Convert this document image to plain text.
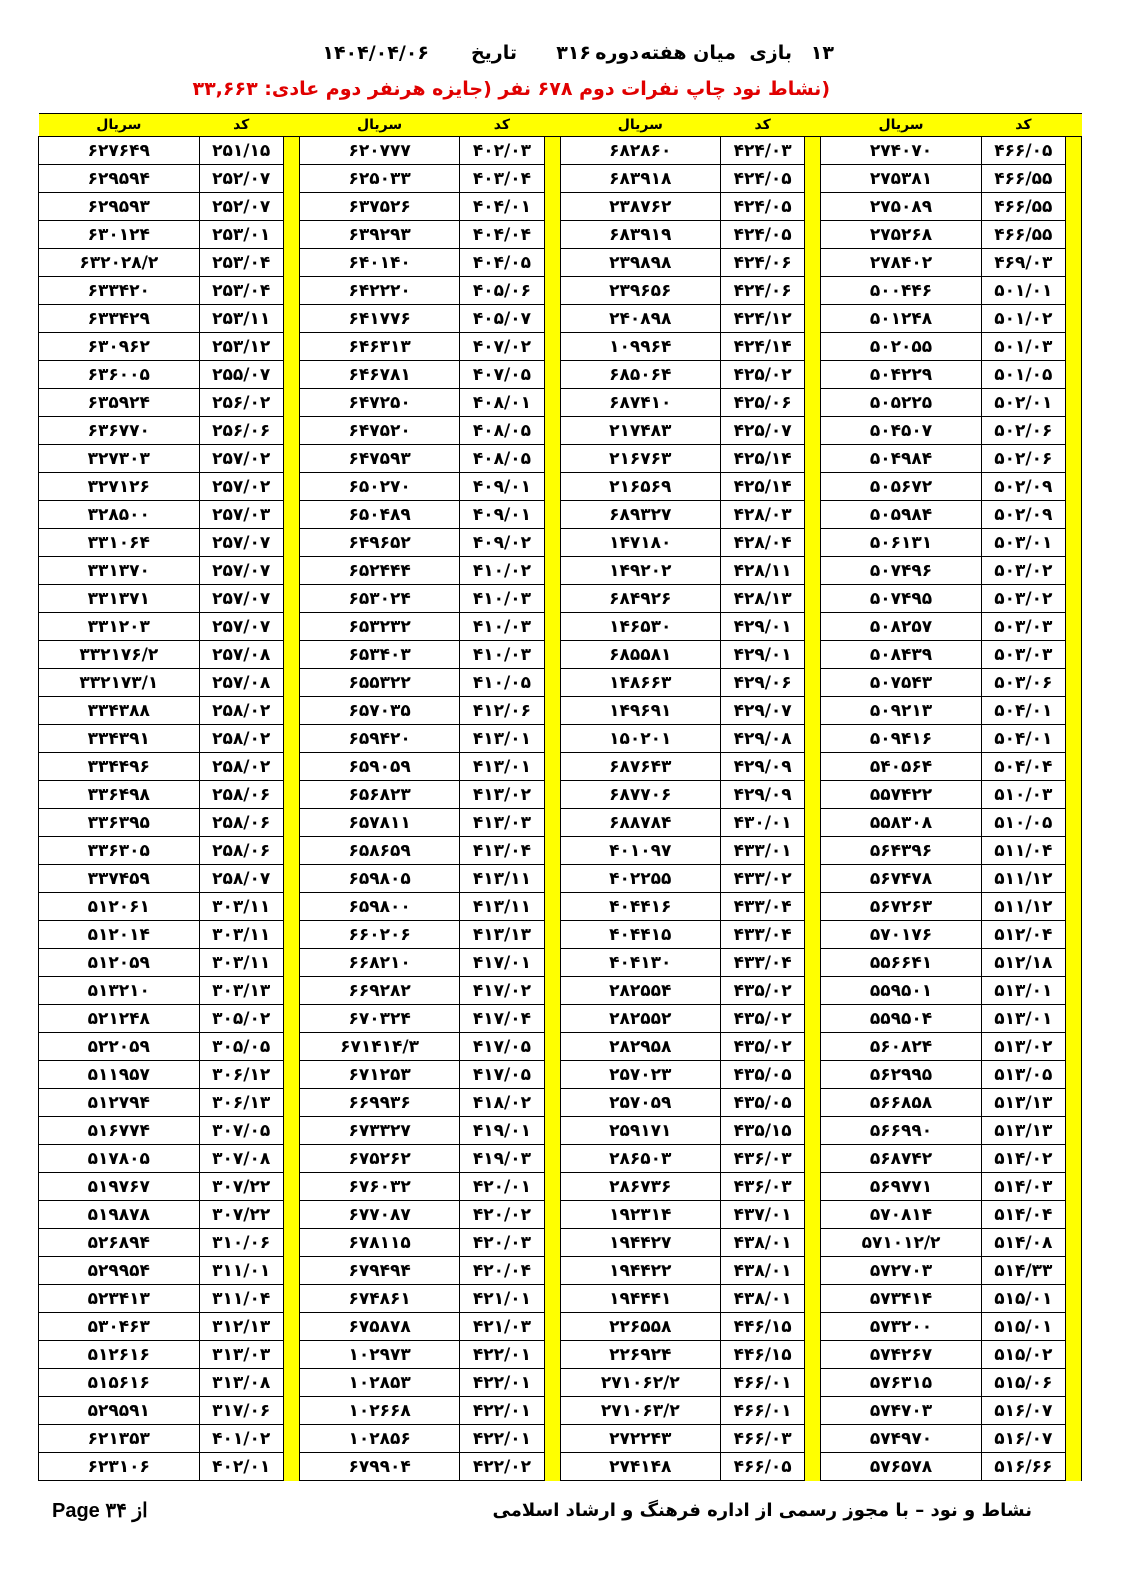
۱۳
بازی
میان هفته
دوره
۳۱۶
تاریخ
۱۴۰۴/۰۴/۰۶
(نشاط نود چاپ نفرات دوم ۶۷۸ نفر (جایزه هرنفر دوم عادی: ۳۳,۶۶۳
	کد	سریال		کد	سریال		کد	سریال		کد	سریال
	۴۶۶/۰۵	۲۷۴۰۷۰		۴۲۴/۰۳	۶۸۲۸۶۰		۴۰۲/۰۳	۶۲۰۷۷۷		۲۵۱/۱۵	۶۲۷۶۴۹
	۴۶۶/۵۵	۲۷۵۳۸۱		۴۲۴/۰۵	۶۸۳۹۱۸		۴۰۳/۰۴	۶۲۵۰۳۳		۲۵۲/۰۷	۶۲۹۵۹۴
	۴۶۶/۵۵	۲۷۵۰۸۹		۴۲۴/۰۵	۲۳۸۷۶۲		۴۰۴/۰۱	۶۳۷۵۲۶		۲۵۲/۰۷	۶۲۹۵۹۳
	۴۶۶/۵۵	۲۷۵۲۶۸		۴۲۴/۰۵	۶۸۳۹۱۹		۴۰۴/۰۴	۶۳۹۲۹۳		۲۵۳/۰۱	۶۳۰۱۲۴
	۴۶۹/۰۳	۲۷۸۴۰۲		۴۲۴/۰۶	۲۳۹۸۹۸		۴۰۴/۰۵	۶۴۰۱۴۰		۲۵۳/۰۴	۶۳۲۰۲۸/۲
	۵۰۱/۰۱	۵۰۰۴۴۶		۴۲۴/۰۶	۲۳۹۶۵۶		۴۰۵/۰۶	۶۴۲۲۲۰		۲۵۳/۰۴	۶۳۳۴۲۰
	۵۰۱/۰۲	۵۰۱۲۴۸		۴۲۴/۱۲	۲۴۰۸۹۸		۴۰۵/۰۷	۶۴۱۷۷۶		۲۵۳/۱۱	۶۳۳۴۲۹
	۵۰۱/۰۳	۵۰۲۰۵۵		۴۲۴/۱۴	۱۰۹۹۶۴		۴۰۷/۰۲	۶۴۶۳۱۳		۲۵۳/۱۲	۶۳۰۹۶۲
	۵۰۱/۰۵	۵۰۴۲۲۹		۴۲۵/۰۲	۶۸۵۰۶۴		۴۰۷/۰۵	۶۴۶۷۸۱		۲۵۵/۰۷	۶۳۶۰۰۵
	۵۰۲/۰۱	۵۰۵۲۲۵		۴۲۵/۰۶	۶۸۷۴۱۰		۴۰۸/۰۱	۶۴۷۲۵۰		۲۵۶/۰۲	۶۳۵۹۲۴
	۵۰۲/۰۶	۵۰۴۵۰۷		۴۲۵/۰۷	۲۱۷۴۸۳		۴۰۸/۰۵	۶۴۷۵۲۰		۲۵۶/۰۶	۶۳۶۷۷۰
	۵۰۲/۰۶	۵۰۴۹۸۴		۴۲۵/۱۴	۲۱۶۷۶۳		۴۰۸/۰۵	۶۴۷۵۹۳		۲۵۷/۰۲	۳۲۷۳۰۳
	۵۰۲/۰۹	۵۰۵۶۷۲		۴۲۵/۱۴	۲۱۶۵۶۹		۴۰۹/۰۱	۶۵۰۲۷۰		۲۵۷/۰۲	۳۲۷۱۲۶
	۵۰۲/۰۹	۵۰۵۹۸۴		۴۲۸/۰۳	۶۸۹۳۲۷		۴۰۹/۰۱	۶۵۰۴۸۹		۲۵۷/۰۳	۳۲۸۵۰۰
	۵۰۳/۰۱	۵۰۶۱۳۱		۴۲۸/۰۴	۱۴۷۱۸۰		۴۰۹/۰۲	۶۴۹۶۵۲		۲۵۷/۰۷	۳۳۱۰۶۴
	۵۰۳/۰۲	۵۰۷۴۹۶		۴۲۸/۱۱	۱۴۹۲۰۲		۴۱۰/۰۲	۶۵۲۴۴۴		۲۵۷/۰۷	۳۳۱۳۷۰
	۵۰۳/۰۲	۵۰۷۴۹۵		۴۲۸/۱۳	۶۸۴۹۲۶		۴۱۰/۰۳	۶۵۳۰۲۴		۲۵۷/۰۷	۳۳۱۳۷۱
	۵۰۳/۰۳	۵۰۸۲۵۷		۴۲۹/۰۱	۱۴۶۵۳۰		۴۱۰/۰۳	۶۵۳۲۳۲		۲۵۷/۰۷	۳۳۱۲۰۳
	۵۰۳/۰۳	۵۰۸۴۳۹		۴۲۹/۰۱	۶۸۵۵۸۱		۴۱۰/۰۳	۶۵۳۴۰۳		۲۵۷/۰۸	۳۳۲۱۷۶/۲
	۵۰۳/۰۶	۵۰۷۵۴۳		۴۲۹/۰۶	۱۴۸۶۶۳		۴۱۰/۰۵	۶۵۵۳۲۲		۲۵۷/۰۸	۳۳۲۱۷۳/۱
	۵۰۴/۰۱	۵۰۹۲۱۳		۴۲۹/۰۷	۱۴۹۶۹۱		۴۱۲/۰۶	۶۵۷۰۳۵		۲۵۸/۰۲	۳۳۴۳۸۸
	۵۰۴/۰۱	۵۰۹۴۱۶		۴۲۹/۰۸	۱۵۰۲۰۱		۴۱۳/۰۱	۶۵۹۴۲۰		۲۵۸/۰۲	۳۳۴۳۹۱
	۵۰۴/۰۴	۵۴۰۵۶۴		۴۲۹/۰۹	۶۸۷۶۴۳		۴۱۳/۰۱	۶۵۹۰۵۹		۲۵۸/۰۲	۳۳۴۴۹۶
	۵۱۰/۰۳	۵۵۷۴۲۲		۴۲۹/۰۹	۶۸۷۷۰۶		۴۱۳/۰۲	۶۵۶۸۲۳		۲۵۸/۰۶	۳۳۶۴۹۸
	۵۱۰/۰۵	۵۵۸۳۰۸		۴۳۰/۰۱	۶۸۸۷۸۴		۴۱۳/۰۳	۶۵۷۸۱۱		۲۵۸/۰۶	۳۳۶۳۹۵
	۵۱۱/۰۴	۵۶۴۳۹۶		۴۳۳/۰۱	۴۰۱۰۹۷		۴۱۳/۰۴	۶۵۸۶۵۹		۲۵۸/۰۶	۳۳۶۳۰۵
	۵۱۱/۱۲	۵۶۷۴۷۸		۴۳۳/۰۲	۴۰۲۲۵۵		۴۱۳/۱۱	۶۵۹۸۰۵		۲۵۸/۰۷	۳۳۷۴۵۹
	۵۱۱/۱۲	۵۶۷۲۶۳		۴۳۳/۰۴	۴۰۴۴۱۶		۴۱۳/۱۱	۶۵۹۸۰۰		۳۰۳/۱۱	۵۱۲۰۶۱
	۵۱۲/۰۴	۵۷۰۱۷۶		۴۳۳/۰۴	۴۰۴۴۱۵		۴۱۳/۱۳	۶۶۰۲۰۶		۳۰۳/۱۱	۵۱۲۰۱۴
	۵۱۲/۱۸	۵۵۶۶۴۱		۴۳۳/۰۴	۴۰۴۱۳۰		۴۱۷/۰۱	۶۶۸۲۱۰		۳۰۳/۱۱	۵۱۲۰۵۹
	۵۱۳/۰۱	۵۵۹۵۰۱		۴۳۵/۰۲	۲۸۲۵۵۴		۴۱۷/۰۲	۶۶۹۲۸۲		۳۰۳/۱۳	۵۱۳۲۱۰
	۵۱۳/۰۱	۵۵۹۵۰۴		۴۳۵/۰۲	۲۸۲۵۵۲		۴۱۷/۰۴	۶۷۰۳۲۴		۳۰۵/۰۲	۵۲۱۲۴۸
	۵۱۳/۰۲	۵۶۰۸۲۴		۴۳۵/۰۲	۲۸۲۹۵۸		۴۱۷/۰۵	۶۷۱۴۱۴/۳		۳۰۵/۰۵	۵۲۲۰۵۹
	۵۱۳/۰۵	۵۶۲۹۹۵		۴۳۵/۰۵	۲۵۷۰۲۳		۴۱۷/۰۵	۶۷۱۲۵۳		۳۰۶/۱۲	۵۱۱۹۵۷
	۵۱۳/۱۳	۵۶۶۸۵۸		۴۳۵/۰۵	۲۵۷۰۵۹		۴۱۸/۰۲	۶۶۹۹۳۶		۳۰۶/۱۳	۵۱۲۷۹۴
	۵۱۳/۱۳	۵۶۶۹۹۰		۴۳۵/۱۵	۲۵۹۱۷۱		۴۱۹/۰۱	۶۷۳۳۲۷		۳۰۷/۰۵	۵۱۶۷۷۴
	۵۱۴/۰۲	۵۶۸۷۴۲		۴۳۶/۰۳	۲۸۶۵۰۳		۴۱۹/۰۳	۶۷۵۲۶۲		۳۰۷/۰۸	۵۱۷۸۰۵
	۵۱۴/۰۳	۵۶۹۷۷۱		۴۳۶/۰۳	۲۸۶۷۳۶		۴۲۰/۰۱	۶۷۶۰۳۲		۳۰۷/۲۲	۵۱۹۷۶۷
	۵۱۴/۰۴	۵۷۰۸۱۴		۴۳۷/۰۱	۱۹۲۳۱۴		۴۲۰/۰۲	۶۷۷۰۸۷		۳۰۷/۲۲	۵۱۹۸۷۸
	۵۱۴/۰۸	۵۷۱۰۱۲/۲		۴۳۸/۰۱	۱۹۴۴۲۷		۴۲۰/۰۳	۶۷۸۱۱۵		۳۱۰/۰۶	۵۲۶۸۹۴
	۵۱۴/۳۳	۵۷۲۷۰۳		۴۳۸/۰۱	۱۹۴۴۲۲		۴۲۰/۰۴	۶۷۹۴۹۴		۳۱۱/۰۱	۵۲۹۹۵۴
	۵۱۵/۰۱	۵۷۳۴۱۴		۴۳۸/۰۱	۱۹۴۴۴۱		۴۲۱/۰۱	۶۷۴۸۶۱		۳۱۱/۰۴	۵۲۳۴۱۳
	۵۱۵/۰۱	۵۷۳۲۰۰		۴۴۶/۱۵	۲۲۶۵۵۸		۴۲۱/۰۳	۶۷۵۸۷۸		۳۱۲/۱۳	۵۳۰۴۶۳
	۵۱۵/۰۲	۵۷۴۲۶۷		۴۴۶/۱۵	۲۲۶۹۲۴		۴۲۲/۰۱	۱۰۲۹۷۳		۳۱۳/۰۳	۵۱۲۶۱۶
	۵۱۵/۰۶	۵۷۶۳۱۵		۴۶۶/۰۱	۲۷۱۰۶۲/۲		۴۲۲/۰۱	۱۰۲۸۵۳		۳۱۳/۰۸	۵۱۵۶۱۶
	۵۱۶/۰۷	۵۷۴۷۰۳		۴۶۶/۰۱	۲۷۱۰۶۳/۲		۴۲۲/۰۱	۱۰۲۶۶۸		۳۱۷/۰۶	۵۲۹۵۹۱
	۵۱۶/۰۷	۵۷۴۹۷۰		۴۶۶/۰۳	۲۷۲۲۴۳		۴۲۲/۰۱	۱۰۲۸۵۶		۴۰۱/۰۲	۶۲۱۳۵۳
	۵۱۶/۶۶	۵۷۶۵۷۸		۴۶۶/۰۵	۲۷۴۱۴۸		۴۲۲/۰۲	۶۷۹۹۰۴		۴۰۲/۰۱	۶۲۳۱۰۶
Page ۳۴ از	نشاط و نود – با مجوز رسمی از اداره فرهنگ و ارشاد اسلامی
